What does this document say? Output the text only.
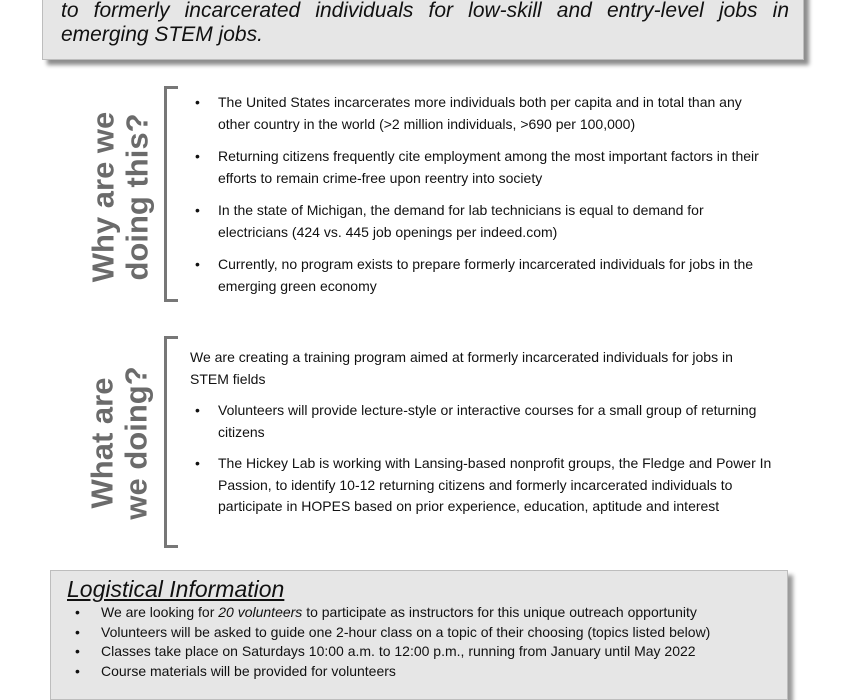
to formerly incarcerated individuals for low-skill and entry-level jobs in emerging STEM jobs.

Why are we doing this?
• The United States incarcerates more individuals both per capita and in total than any other country in the world (>2 million individuals, >690 per 100,000)
• Returning citizens frequently cite employment among the most important factors in their efforts to remain crime-free upon reentry into society
• In the state of Michigan, the demand for lab technicians is equal to demand for electricians (424 vs. 445 job openings per indeed.com)
• Currently, no program exists to prepare formerly incarcerated individuals for jobs in the emerging green economy
What are we doing?

We are creating a training program aimed at formerly incarcerated individuals for jobs in STEM fields

• Volunteers will provide lecture-style or interactive courses for a small group of returning citizens
• The Hickey Lab is working with Lansing-based nonprofit groups, the Fledge and Power In Passion, to identify 10-12 returning citizens and formerly incarcerated individuals to participate in HOPES based on prior experience, education, aptitude and interest
Logistical Information
• We are looking for 20 volunteers to participate as instructors for this unique outreach opportunity
• Volunteers will be asked to guide one 2-hour class on a topic of their choosing (topics listed below)
• Classes take place on Saturdays 10:00 a.m. to 12:00 p.m., running from January until May 2022
• Course materials will be provided for volunteers
